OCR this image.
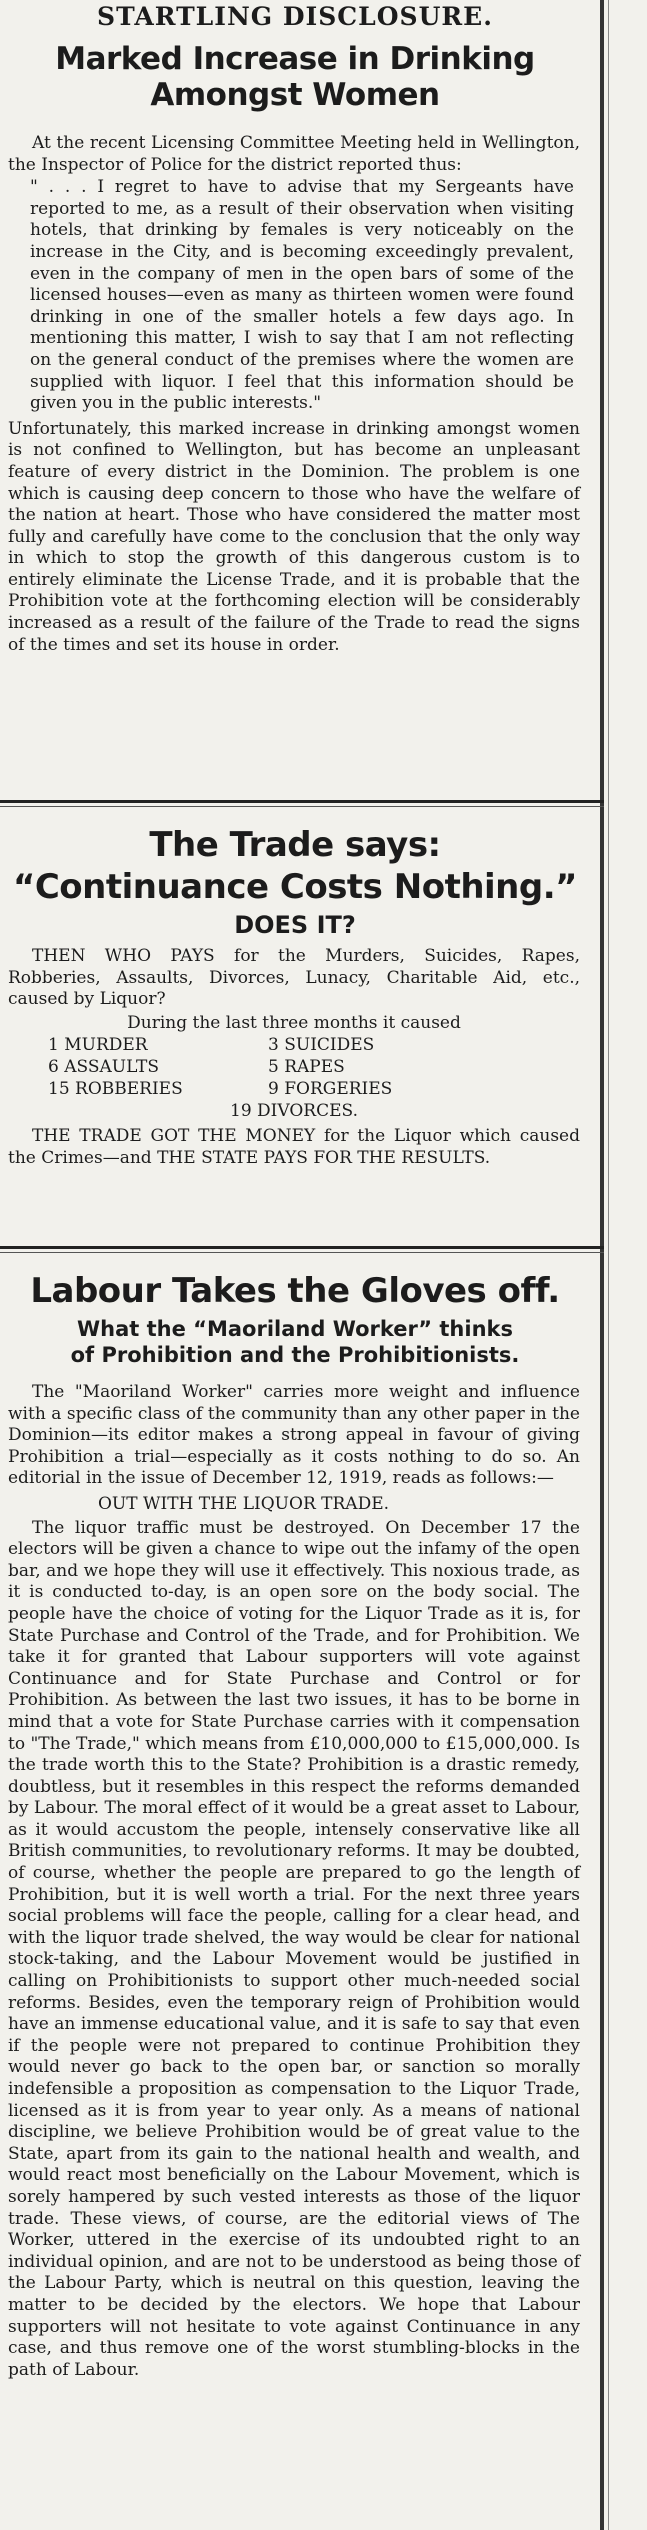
STARTLING DISCLOSURE.
Marked Increase in Drinking
Amongst Women

At the recent Licensing Committee Meeting held in Wellington, the Inspector of Police for the district reported thus:

" . . . I regret to have to advise that my Sergeants have reported to me, as a result of their observation when visiting hotels, that drinking by females is very noticeably on the increase in the City, and is becoming exceedingly prevalent, even in the company of men in the open bars of some of the licensed houses—even as many as thirteen women were found drinking in one of the smaller hotels a few days ago. In mentioning this matter, I wish to say that I am not reflecting on the general conduct of the premises where the women are supplied with liquor. I feel that this information should be given you in the public interests."

Unfortunately, this marked increase in drinking amongst women is not confined to Wellington, but has become an unpleasant feature of every district in the Dominion. The problem is one which is causing deep concern to those who have the welfare of the nation at heart. Those who have considered the matter most fully and carefully have come to the conclusion that the only way in which to stop the growth of this dangerous custom is to entirely eliminate the License Trade, and it is probable that the Prohibition vote at the forthcoming election will be considerably increased as a result of the failure of the Trade to read the signs of the times and set its house in order.

The Trade says:
“Continuance Costs Nothing.”
DOES IT?

THEN WHO PAYS for the Murders, Suicides, Rapes, Robberies, Assaults, Divorces, Lunacy, Charitable Aid, etc., caused by Liquor?

During the last three months it caused

1 MURDER	3 SUICIDES
6 ASSAULTS	5 RAPES
15 ROBBERIES	9 FORGERIES
19 DIVORCES.

THE TRADE GOT THE MONEY for the Liquor which caused the Crimes—and THE STATE PAYS FOR THE RESULTS.

Labour Takes the Gloves off.
What the “Maoriland Worker” thinks
of Prohibition and the Prohibitionists.

The "Maoriland Worker" carries more weight and influence with a specific class of the community than any other paper in the Dominion—its editor makes a strong appeal in favour of giving Prohibition a trial—especially as it costs nothing to do so. An editorial in the issue of December 12, 1919, reads as follows:—

OUT WITH THE LIQUOR TRADE.

The liquor traffic must be destroyed. On December 17 the electors will be given a chance to wipe out the infamy of the open bar, and we hope they will use it effectively. This noxious trade, as it is conducted to-day, is an open sore on the body social. The people have the choice of voting for the Liquor Trade as it is, for State Purchase and Control of the Trade, and for Prohibition. We take it for granted that Labour supporters will vote against Continuance and for State Purchase and Control or for Prohibition. As between the last two issues, it has to be borne in mind that a vote for State Purchase carries with it compensation to "The Trade," which means from £10,000,000 to £15,000,000. Is the trade worth this to the State? Prohibition is a drastic remedy, doubtless, but it resembles in this respect the reforms demanded by Labour. The moral effect of it would be a great asset to Labour, as it would accustom the people, intensely conservative like all British communities, to revolutionary reforms. It may be doubted, of course, whether the people are prepared to go the length of Prohibition, but it is well worth a trial. For the next three years social problems will face the people, calling for a clear head, and with the liquor trade shelved, the way would be clear for national stock-taking, and the Labour Movement would be justified in calling on Prohibitionists to support other much-needed social reforms. Besides, even the temporary reign of Prohibition would have an immense educational value, and it is safe to say that even if the people were not prepared to continue Prohibition they would never go back to the open bar, or sanction so morally indefensible a proposition as compensation to the Liquor Trade, licensed as it is from year to year only. As a means of national discipline, we believe Prohibition would be of great value to the State, apart from its gain to the national health and wealth, and would react most beneficially on the Labour Movement, which is sorely hampered by such vested interests as those of the liquor trade. These views, of course, are the editorial views of The Worker, uttered in the exercise of its undoubted right to an individual opinion, and are not to be understood as being those of the Labour Party, which is neutral on this question, leaving the matter to be decided by the electors. We hope that Labour supporters will not hesitate to vote against Continuance in any case, and thus remove one of the worst stumbling-blocks in the path of Labour.
